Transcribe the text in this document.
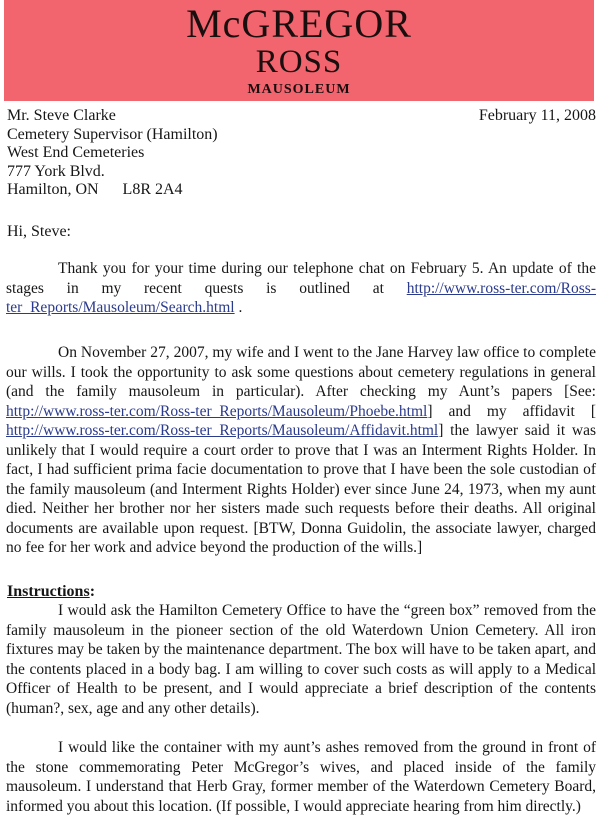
McGREGOR
ROSS
MAUSOLEUM
February 11, 2008
Mr. Steve Clarke
Cemetery Supervisor (Hamilton)
West End Cemeteries
777 York Blvd.
Hamilton, ON      L8R 2A4
Hi, Steve:
Thank you for your time during our telephone chat on February 5. An update of the stages in my recent quests is outlined at http://www.ross-ter.com/Ross-ter_Reports/Mausoleum/Search.html .
On November 27, 2007, my wife and I went to the Jane Harvey law office to complete our wills. I took the opportunity to ask some questions about cemetery regulations in general (and the family mausoleum in particular). After checking my Aunt’s papers [See: http://www.ross-ter.com/Ross-ter_Reports/Mausoleum/Phoebe.html] and my affidavit [ http://www.ross-ter.com/Ross-ter_Reports/Mausoleum/Affidavit.html] the lawyer said it was unlikely that I would require a court order to prove that I was an Interment Rights Holder. In fact, I had sufficient prima facie documentation to prove that I have been the sole custodian of the family mausoleum (and Interment Rights Holder) ever since June 24, 1973, when my aunt died. Neither her brother nor her sisters made such requests before their deaths. All original documents are available upon request. [BTW, Donna Guidolin, the associate lawyer, charged no fee for her work and advice beyond the production of the wills.]
Instructions:
I would ask the Hamilton Cemetery Office to have the “green box” removed from the family mausoleum in the pioneer section of the old Waterdown Union Cemetery. All iron fixtures may be taken by the maintenance department. The box will have to be taken apart, and the contents placed in a body bag. I am willing to cover such costs as will apply to a Medical Officer of Health to be present, and I would appreciate a brief description of the contents (human?, sex, age and any other details).
I would like the container with my aunt’s ashes removed from the ground in front of the stone commemorating Peter McGregor’s wives, and placed inside of the family mausoleum. I understand that Herb Gray, former member of the Waterdown Cemetery Board, informed you about this location. (If possible, I would appreciate hearing from him directly.)
